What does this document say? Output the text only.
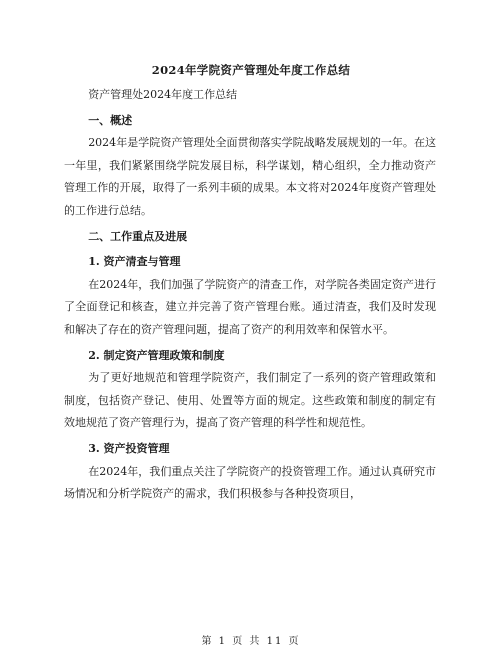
2024年学院资产管理处年度工作总结
资产管理处2024年度工作总结
一、概述
2024年是学院资产管理处全面贯彻落实学院战略发展规划的一年。在这一年里，我们紧紧围绕学院发展目标，科学谋划，精心组织，全力推动资产管理工作的开展，取得了一系列丰硕的成果。本文将对2024年度资产管理处的工作进行总结。
二、工作重点及进展
1. 资产清查与管理
在2024年，我们加强了学院资产的清查工作，对学院各类固定资产进行了全面登记和核查，建立并完善了资产管理台账。通过清查，我们及时发现和解决了存在的资产管理问题，提高了资产的利用效率和保管水平。
2. 制定资产管理政策和制度
为了更好地规范和管理学院资产，我们制定了一系列的资产管理政策和制度，包括资产登记、使用、处置等方面的规定。这些政策和制度的制定有效地规范了资产管理行为，提高了资产管理的科学性和规范性。
3. 资产投资管理
在2024年，我们重点关注了学院资产的投资管理工作。通过认真研究市场情况和分析学院资产的需求，我们积极参与各种投资项目，
第 1 页 共 11 页
